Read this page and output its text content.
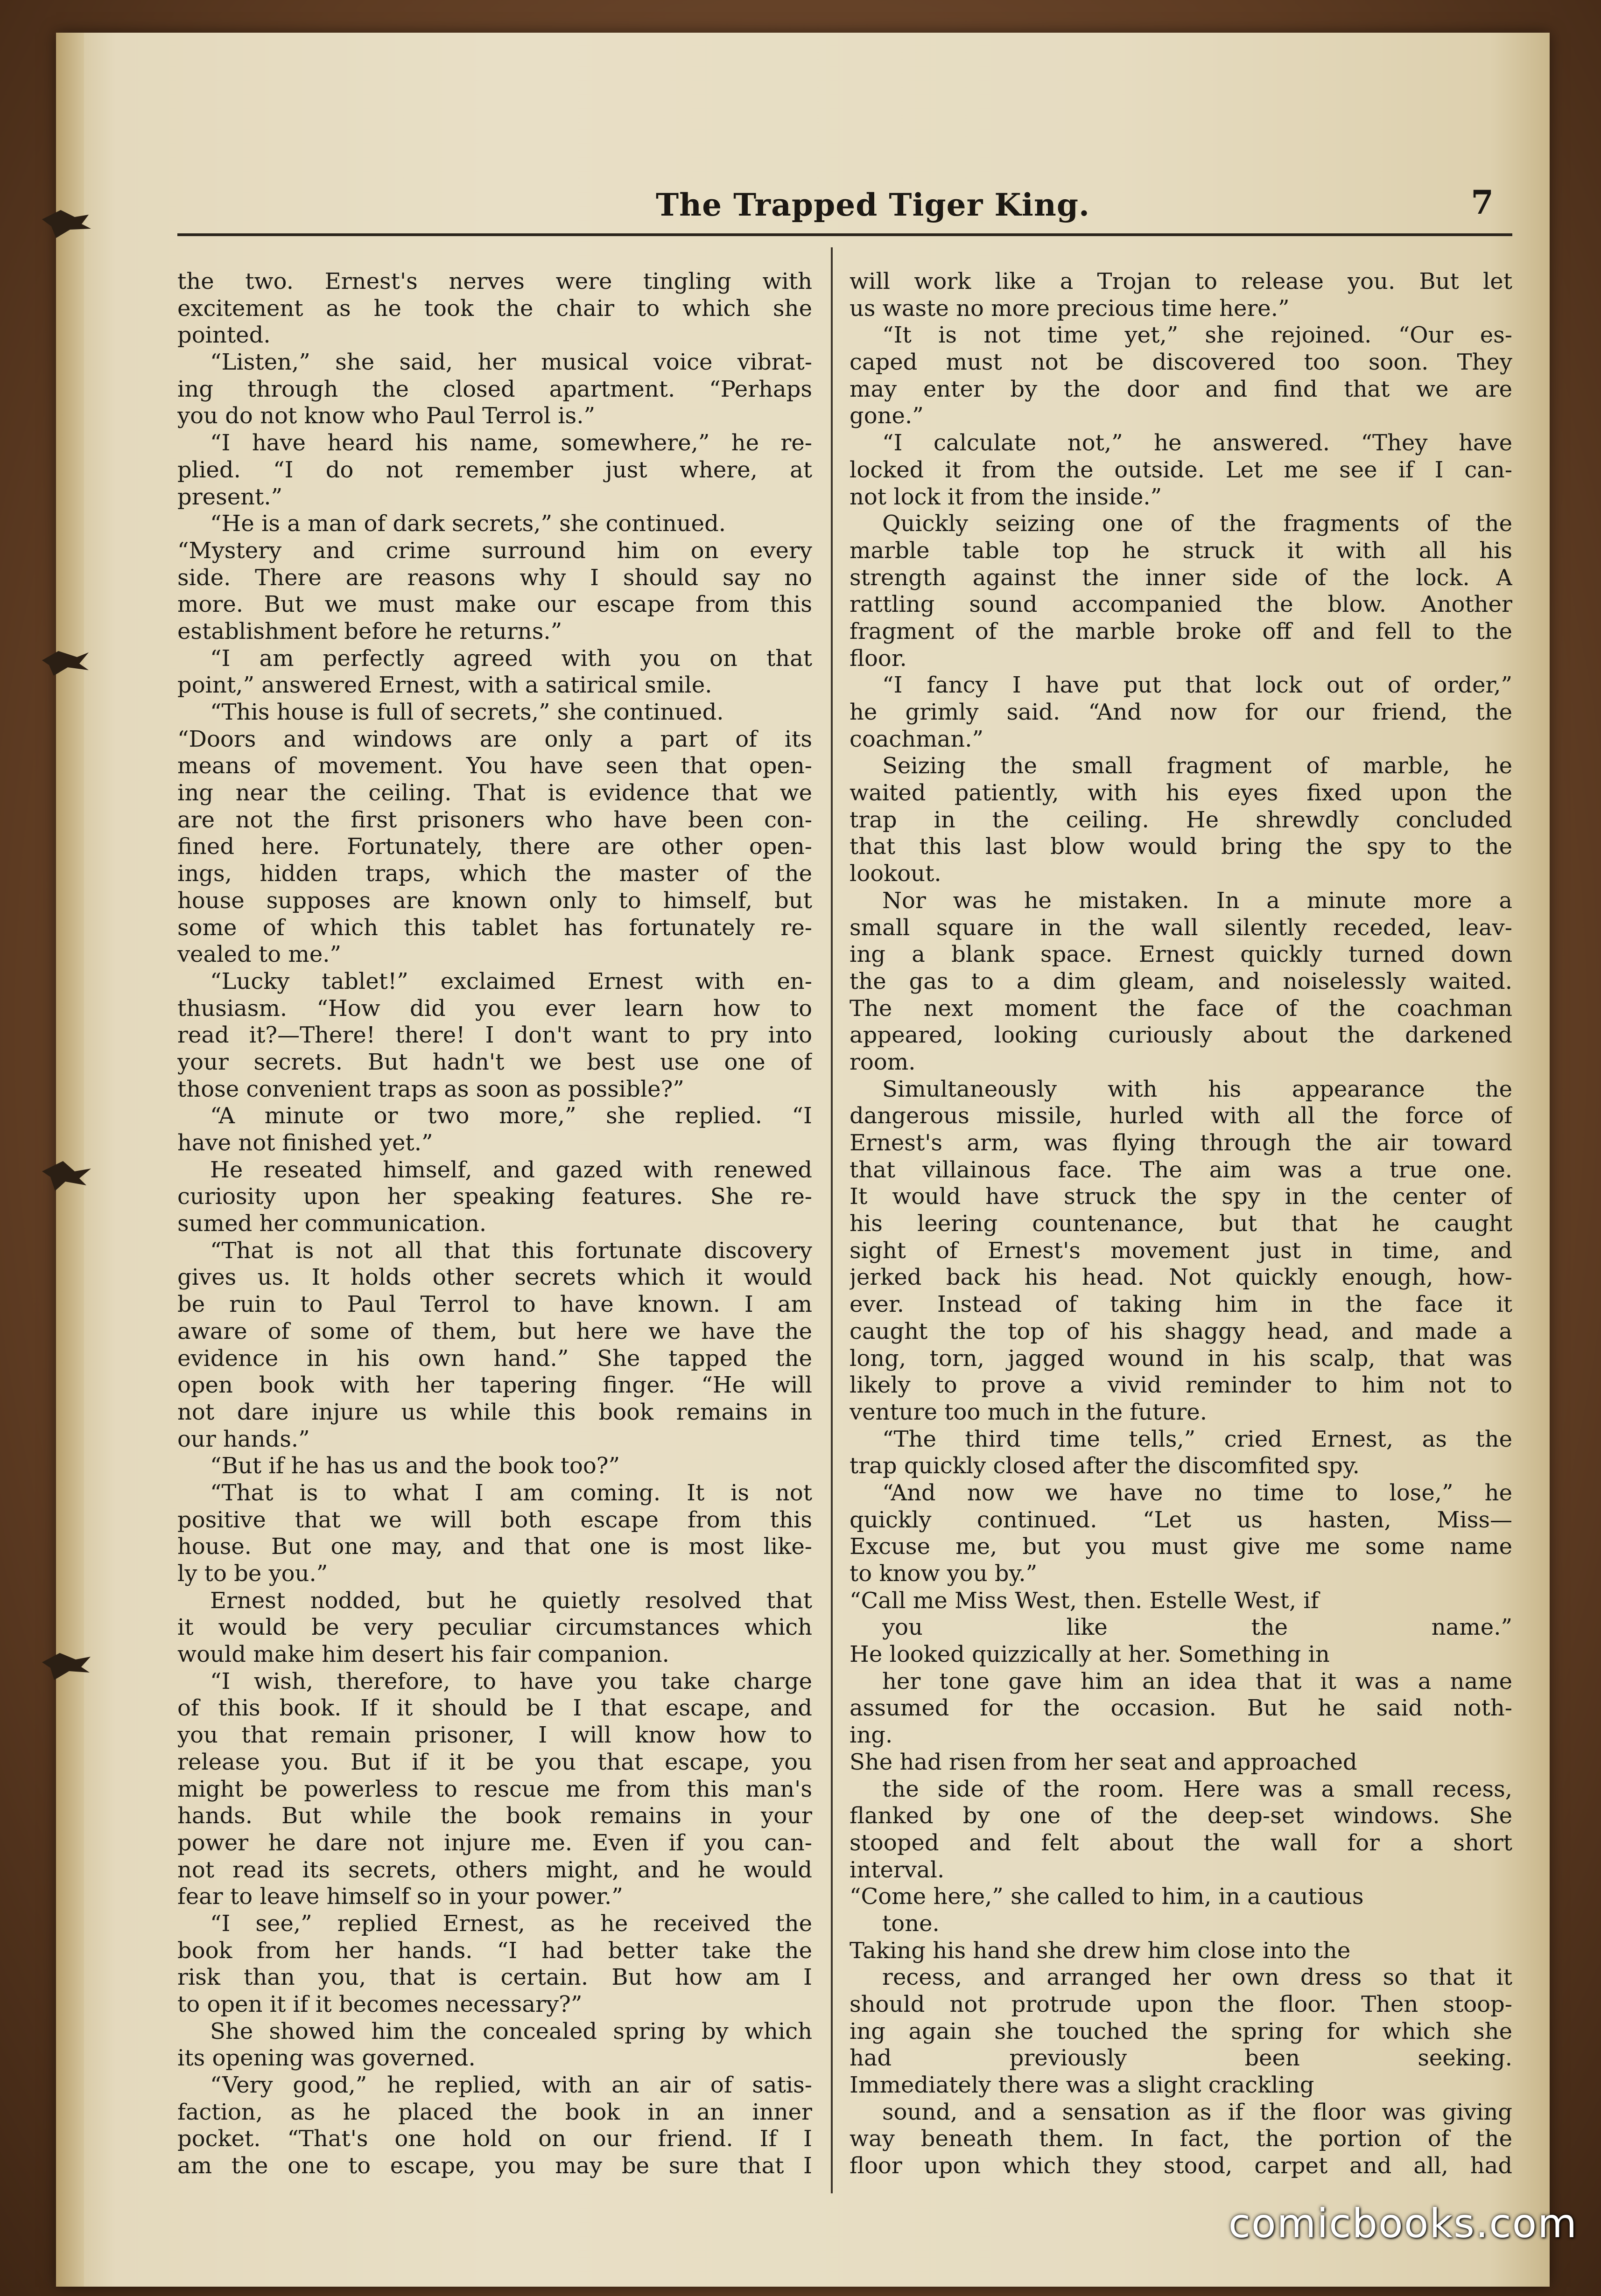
The Trapped Tiger King.	7
the two. Ernest's nerves were tingling with
excitement as he took the chair to which she
pointed.
“Listen,” she said, her musical voice vibrat-
ing through the closed apartment. “Perhaps
you do not know who Paul Terrol is.”
“I have heard his name, somewhere,” he re-
plied. “I do not remember just where, at
present.”
“He is a man of dark secrets,” she continued.
“Mystery and crime surround him on every
side. There are reasons why I should say no
more. But we must make our escape from this
establishment before he returns.”
“I am perfectly agreed with you on that
point,” answered Ernest, with a satirical smile.
“This house is full of secrets,” she continued.
“Doors and windows are only a part of its
means of movement. You have seen that open-
ing near the ceiling. That is evidence that we
are not the first prisoners who have been con-
fined here. Fortunately, there are other open-
ings, hidden traps, which the master of the
house supposes are known only to himself, but
some of which this tablet has fortunately re-
vealed to me.”
“Lucky tablet!” exclaimed Ernest with en-
thusiasm. “How did you ever learn how to
read it?—There! there! I don't want to pry into
your secrets. But hadn't we best use one of
those convenient traps as soon as possible?”
“A minute or two more,” she replied. “I
have not finished yet.”
He reseated himself, and gazed with renewed
curiosity upon her speaking features. She re-
sumed her communication.
“That is not all that this fortunate discovery
gives us. It holds other secrets which it would
be ruin to Paul Terrol to have known. I am
aware of some of them, but here we have the
evidence in his own hand.” She tapped the
open book with her tapering finger. “He will
not dare injure us while this book remains in
our hands.”
“But if he has us and the book too?”
“That is to what I am coming. It is not
positive that we will both escape from this
house. But one may, and that one is most like-
ly to be you.”
Ernest nodded, but he quietly resolved that
it would be very peculiar circumstances which
would make him desert his fair companion.
“I wish, therefore, to have you take charge
of this book. If it should be I that escape, and
you that remain prisoner, I will know how to
release you. But if it be you that escape, you
might be powerless to rescue me from this man's
hands. But while the book remains in your
power he dare not injure me. Even if you can-
not read its secrets, others might, and he would
fear to leave himself so in your power.”
“I see,” replied Ernest, as he received the
book from her hands. “I had better take the
risk than you, that is certain. But how am I
to open it if it becomes necessary?”
She showed him the concealed spring by which
its opening was governed.
“Very good,” he replied, with an air of satis-
faction, as he placed the book in an inner
pocket. “That's one hold on our friend. If I
am the one to escape, you may be sure that I
will work like a Trojan to release you. But let
us waste no more precious time here.”
“It is not time yet,” she rejoined. “Our es-
caped must not be discovered too soon. They
may enter by the door and find that we are
gone.”
“I calculate not,” he answered. “They have
locked it from the outside. Let me see if I can-
not lock it from the inside.”
Quickly seizing one of the fragments of the
marble table top he struck it with all his
strength against the inner side of the lock. A
rattling sound accompanied the blow. Another
fragment of the marble broke off and fell to the
floor.
“I fancy I have put that lock out of order,”
he grimly said. “And now for our friend, the
coachman.”
Seizing the small fragment of marble, he
waited patiently, with his eyes fixed upon the
trap in the ceiling. He shrewdly concluded
that this last blow would bring the spy to the
lookout.
Nor was he mistaken. In a minute more a
small square in the wall silently receded, leav-
ing a blank space. Ernest quickly turned down
the gas to a dim gleam, and noiselessly waited.
The next moment the face of the coachman
appeared, looking curiously about the darkened
room.
Simultaneously with his appearance the
dangerous missile, hurled with all the force of
Ernest's arm, was flying through the air toward
that villainous face. The aim was a true one.
It would have struck the spy in the center of
his leering countenance, but that he caught
sight of Ernest's movement just in time, and
jerked back his head. Not quickly enough, how-
ever. Instead of taking him in the face it
caught the top of his shaggy head, and made a
long, torn, jagged wound in his scalp, that was
likely to prove a vivid reminder to him not to
venture too much in the future.
“The third time tells,” cried Ernest, as the
trap quickly closed after the discomfited spy.
“And now we have no time to lose,” he
quickly continued. “Let us hasten, Miss—
Excuse me, but you must give me some name
to know you by.”
“Call me Miss West, then. Estelle West, if
you like the name.”
He looked quizzically at her. Something in
her tone gave him an idea that it was a name
assumed for the occasion. But he said noth-
ing.
She had risen from her seat and approached
the side of the room. Here was a small recess,
flanked by one of the deep-set windows. She
stooped and felt about the wall for a short
interval.
“Come here,” she called to him, in a cautious
tone.
Taking his hand she drew him close into the
recess, and arranged her own dress so that it
should not protrude upon the floor. Then stoop-
ing again she touched the spring for which she
had previously been seeking.
Immediately there was a slight crackling
sound, and a sensation as if the floor was giving
way beneath them. In fact, the portion of the
floor upon which they stood, carpet and all, had
comicbooks.com
